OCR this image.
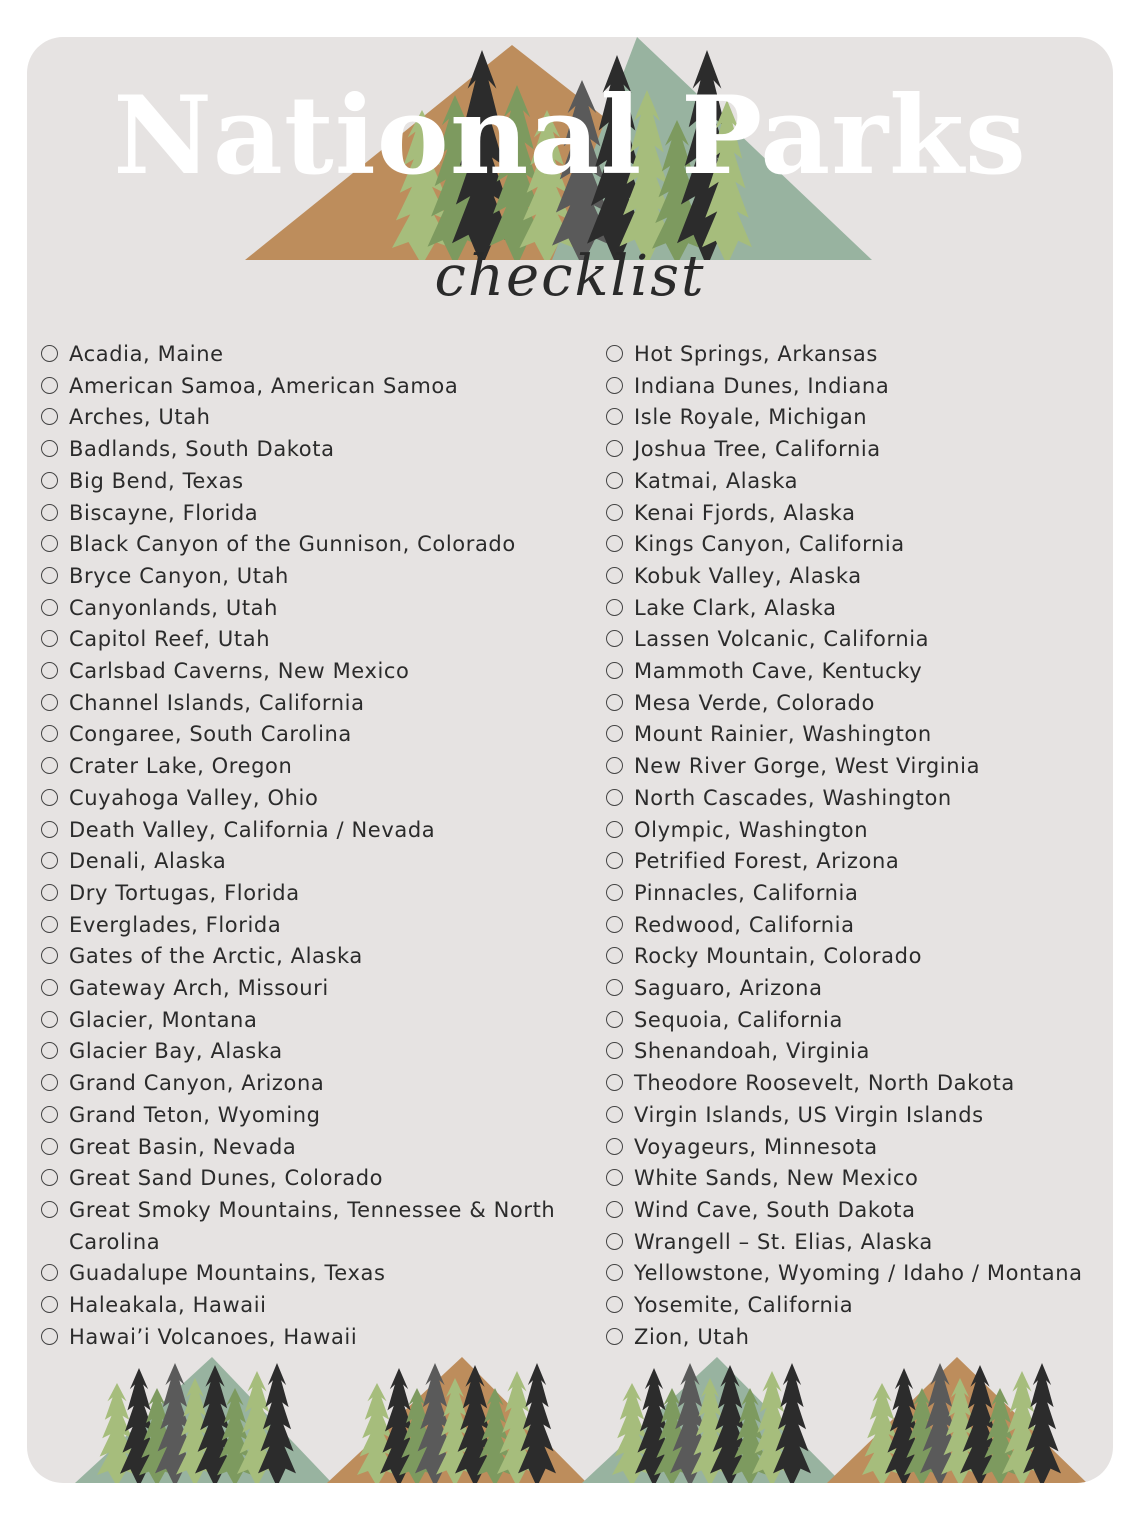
National Parks
checklist
Acadia, Maine
American Samoa, American Samoa
Arches, Utah
Badlands, South Dakota
Big Bend, Texas
Biscayne, Florida
Black Canyon of the Gunnison, Colorado
Bryce Canyon, Utah
Canyonlands, Utah
Capitol Reef, Utah
Carlsbad Caverns, New Mexico
Channel Islands, California
Congaree, South Carolina
Crater Lake, Oregon
Cuyahoga Valley, Ohio
Death Valley, California / Nevada
Denali, Alaska
Dry Tortugas, Florida
Everglades, Florida
Gates of the Arctic, Alaska
Gateway Arch, Missouri
Glacier, Montana
Glacier Bay, Alaska
Grand Canyon, Arizona
Grand Teton, Wyoming
Great Basin, Nevada
Great Sand Dunes, Colorado
Great Smoky Mountains, Tennessee & North Carolina
Guadalupe Mountains, Texas
Haleakala, Hawaii
Hawai’i Volcanoes, Hawaii
Hot Springs, Arkansas
Indiana Dunes, Indiana
Isle Royale, Michigan
Joshua Tree, California
Katmai, Alaska
Kenai Fjords, Alaska
Kings Canyon, California
Kobuk Valley, Alaska
Lake Clark, Alaska
Lassen Volcanic, California
Mammoth Cave, Kentucky
Mesa Verde, Colorado
Mount Rainier, Washington
New River Gorge, West Virginia
North Cascades, Washington
Olympic, Washington
Petrified Forest, Arizona
Pinnacles, California
Redwood, California
Rocky Mountain, Colorado
Saguaro, Arizona
Sequoia, California
Shenandoah, Virginia
Theodore Roosevelt, North Dakota
Virgin Islands, US Virgin Islands
Voyageurs, Minnesota
White Sands, New Mexico
Wind Cave, South Dakota
Wrangell – St. Elias, Alaska
Yellowstone, Wyoming / Idaho / Montana
Yosemite, California
Zion, Utah
